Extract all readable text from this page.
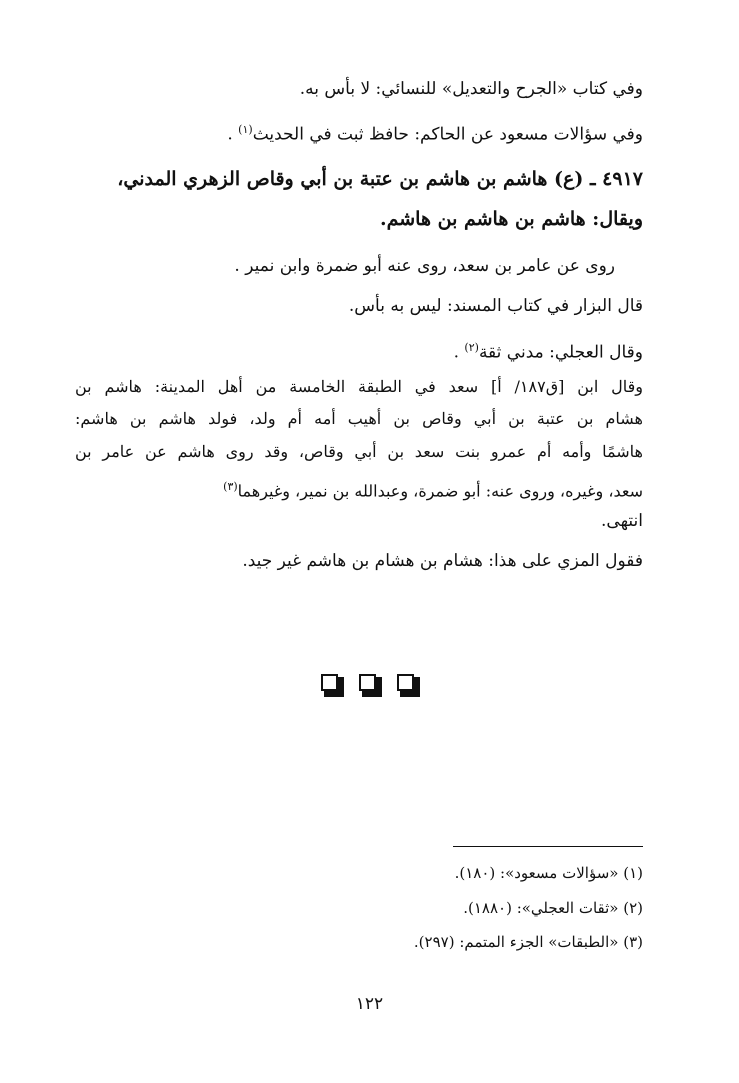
وفي كتاب «الجرح والتعديل» للنسائي: لا بأس به.

وفي سؤالات مسعود عن الحاكم: حافظ ثبت في الحديث$^{(١)}$ .

٤٩١٧ ـ (ع) هاشم بن هاشم بن عتبة بن أبي وقاص الزهري المدني،

ويقال: هاشم بن هاشم بن هاشم.

روى عن عامر بن سعد، روى عنه أبو ضمرة وابن نمير .

قال البزار في كتاب المسند: ليس به بأس.

وقال العجلي: مدني ثقة$^{(٢)}$ .

وقال ابن [ق١٨٧/ أ] سعد في الطبقة الخامسة من أهل المدينة: هاشم بن
هشام بن عتبة بن أبي وقاص بن أهيب أمه أم ولد، فولد هاشم بن هاشم:
هاشمًا وأمه أم عمرو بنت سعد بن أبي وقاص، وقد روى هاشم عن عامر بن
سعد، وغيره، وروى عنه: أبو ضمرة، وعبدالله بن نمير، وغيرهما$^{(٣)}$

انتهى.

فقول المزي على هذا: هشام بن هشام بن هاشم غير جيد.

(١) «سؤالات مسعود»: (١٨٠).
(٢) «ثقات العجلي»: (١٨٨٠).
(٣) «الطبقات» الجزء المتمم: (٢٩٧).
١٢٢
